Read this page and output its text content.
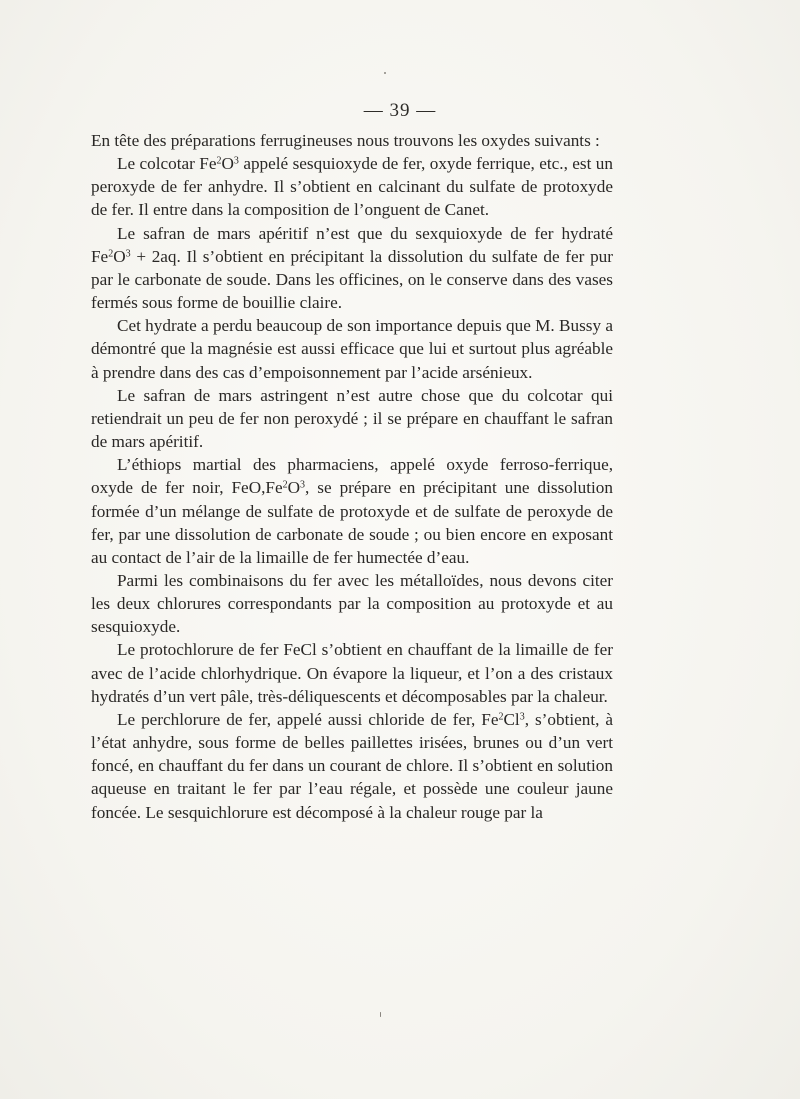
— 39 —

En tête des préparations ferrugineuses nous trouvons les oxydes suivants :

Le colcotar $Fe^2O^3$ appelé sesquioxyde de fer, oxyde ferrique, etc., est un peroxyde de fer anhydre. Il s’obtient en calcinant du sulfate de protoxyde de fer. Il entre dans la composition de l’onguent de Canet.

Le safran de mars apéritif n’est que du sexquioxyde de fer hydraté $Fe^2O^3 + 2aq$. Il s’obtient en précipitant la dissolution du sulfate de fer pur par le carbonate de soude. Dans les officines, on le conserve dans des vases fermés sous forme de bouillie claire.

Cet hydrate a perdu beaucoup de son importance depuis que M. Bussy a démontré que la magnésie est aussi efficace que lui et surtout plus agréable à prendre dans des cas d’empoisonnement par l’acide arsénieux.

Le safran de mars astringent n’est autre chose que du colcotar qui retiendrait un peu de fer non peroxydé ; il se prépare en chauffant le safran de mars apéritif.

L’éthiops martial des pharmaciens, appelé oxyde ferroso-ferrique, oxyde de fer noir, $FeO,Fe^2O^3$, se prépare en précipitant une dissolution formée d’un mélange de sulfate de protoxyde et de sulfate de peroxyde de fer, par une dissolution de carbonate de soude ; ou bien encore en exposant au contact de l’air de la limaille de fer humectée d’eau.

Parmi les combinaisons du fer avec les métalloïdes, nous devons citer les deux chlorures correspondants par la composition au protoxyde et au sesquioxyde.

Le protochlorure de fer FeCl s’obtient en chauffant de la limaille de fer avec de l’acide chlorhydrique. On évapore la liqueur, et l’on a des cristaux hydratés d’un vert pâle, très-déliquescents et décomposables par la chaleur.

Le perchlorure de fer, appelé aussi chloride de fer, Fe$^2$Cl$^3$, s’obtient, à l’état anhydre, sous forme de belles paillettes irisées, brunes ou d’un vert foncé, en chauffant du fer dans un courant de chlore. Il s’obtient en solution aqueuse en traitant le fer par l’eau régale, et possède une couleur jaune foncée. Le sesquichlorure est décomposé à la chaleur rouge par la
